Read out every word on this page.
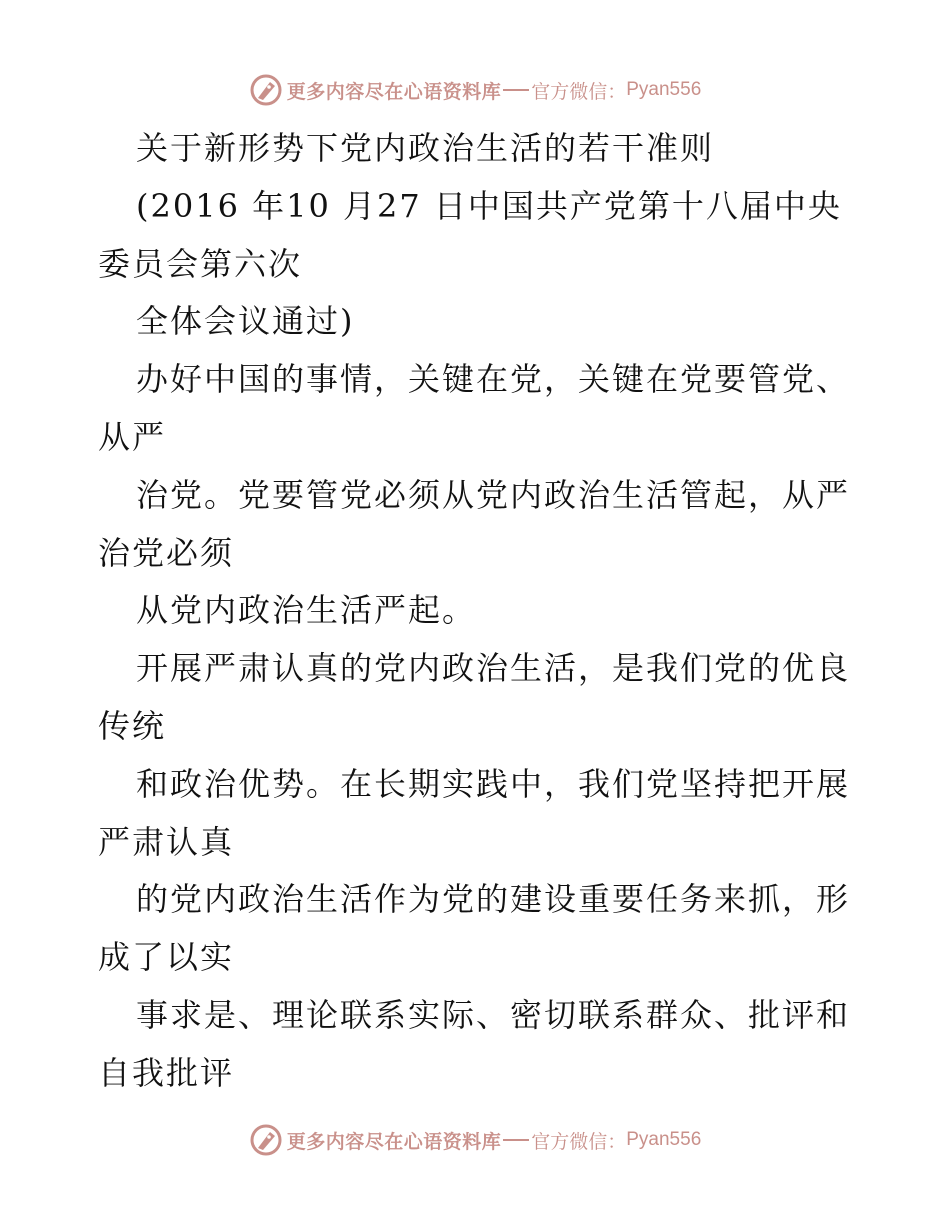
更多内容尽在心语资料库 官方微信： Pyan556
关于新形势下党内政治生活的若干准则
(2016 年10 月27 日中国共产党第十八届中央
委员会第六次
全体会议通过)
办好中国的事情，关键在党，关键在党要管党、
从严
治党。党要管党必须从党内政治生活管起，从严
治党必须
从党内政治生活严起。
开展严肃认真的党内政治生活，是我们党的优良
传统
和政治优势。在长期实践中，我们党坚持把开展
严肃认真
的党内政治生活作为党的建设重要任务来抓，形
成了以实
事求是、理论联系实际、密切联系群众、批评和
自我批评
更多内容尽在心语资料库 官方微信： Pyan556
